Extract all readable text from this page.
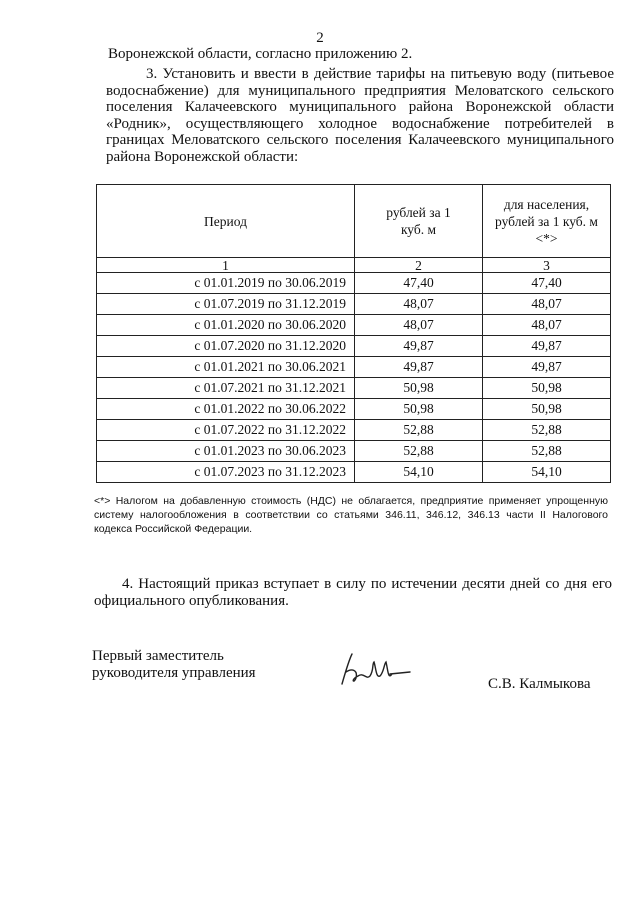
2

Воронежской области, согласно приложению 2.

3. Установить и ввести в действие тарифы на питьевую воду (питьевое водоснабжение) для муниципального предприятия Меловатского сельского поселения Калачеевского муниципального района Воронежской области «Родник», осуществляющего холодное водоснабжение потребителей в границах Меловатского сельского поселения Калачеевского муниципального района Воронежской области:

Период	рублей за 1 куб. м	для населения, рублей за 1 куб. м <*>
1	2	3
с 01.01.2019 по 30.06.2019	47,40	47,40
с 01.07.2019 по 31.12.2019	48,07	48,07
с 01.01.2020 по 30.06.2020	48,07	48,07
с 01.07.2020 по 31.12.2020	49,87	49,87
с 01.01.2021 по 30.06.2021	49,87	49,87
с 01.07.2021 по 31.12.2021	50,98	50,98
с 01.01.2022 по 30.06.2022	50,98	50,98
с 01.07.2022 по 31.12.2022	52,88	52,88
с 01.01.2023 по 30.06.2023	52,88	52,88
с 01.07.2023 по 31.12.2023	54,10	54,10

<*> Налогом на добавленную стоимость (НДС) не облагается, предприятие применяет упрощенную систему налогообложения в соответствии со статьями 346.11, 346.12, 346.13 части II Налогового кодекса Российской Федерации.

4. Настоящий приказ вступает в силу по истечении десяти дней со дня его официального опубликования.

Первый заместитель
руководителя управления
С.В. Калмыкова
